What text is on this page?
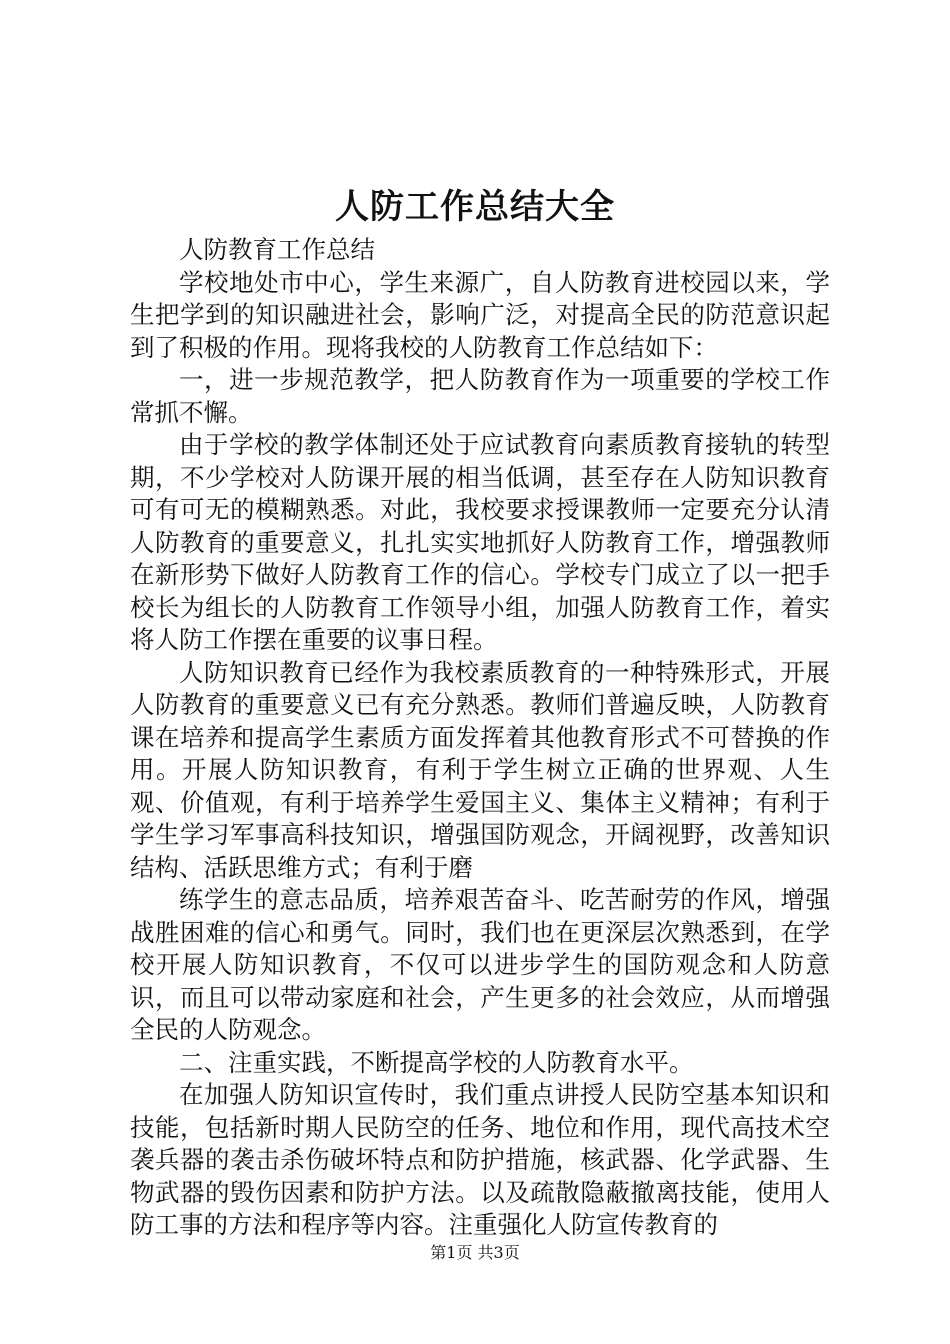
人防工作总结大全

人防教育工作总结

学校地处市中心，学生来源广，自人防教育进校园以来，学生把学到的知识融进社会，影响广泛，对提高全民的防范意识起到了积极的作用。现将我校的人防教育工作总结如下：

一，进一步规范教学，把人防教育作为一项重要的学校工作常抓不懈。

由于学校的教学体制还处于应试教育向素质教育接轨的转型期，不少学校对人防课开展的相当低调，甚至存在人防知识教育可有可无的模糊熟悉。对此，我校要求授课教师一定要充分认清人防教育的重要意义，扎扎实实地抓好人防教育工作，增强教师在新形势下做好人防教育工作的信心。学校专门成立了以一把手校长为组长的人防教育工作领导小组，加强人防教育工作，着实将人防工作摆在重要的议事日程。

人防知识教育已经作为我校素质教育的一种特殊形式，开展人防教育的重要意义已有充分熟悉。教师们普遍反映，人防教育课在培养和提高学生素质方面发挥着其他教育形式不可替换的作用。开展人防知识教育，有利于学生树立正确的世界观、人生观、价值观，有利于培养学生爱国主义、集体主义精神；有利于学生学习军事高科技知识，增强国防观念，开阔视野，改善知识结构、活跃思维方式；有利于磨

练学生的意志品质，培养艰苦奋斗、吃苦耐劳的作风，增强战胜困难的信心和勇气。同时，我们也在更深层次熟悉到，在学校开展人防知识教育，不仅可以进步学生的国防观念和人防意识，而且可以带动家庭和社会，产生更多的社会效应，从而增强全民的人防观念。

二、注重实践，不断提高学校的人防教育水平。

在加强人防知识宣传时，我们重点讲授人民防空基本知识和技能，包括新时期人民防空的任务、地位和作用，现代高技术空袭兵器的袭击杀伤破坏特点和防护措施，核武器、化学武器、生物武器的毁伤因素和防护方法。以及疏散隐蔽撤离技能，使用人防工事的方法和程序等内容。注重强化人防宣传教育的

第1页 共3页
